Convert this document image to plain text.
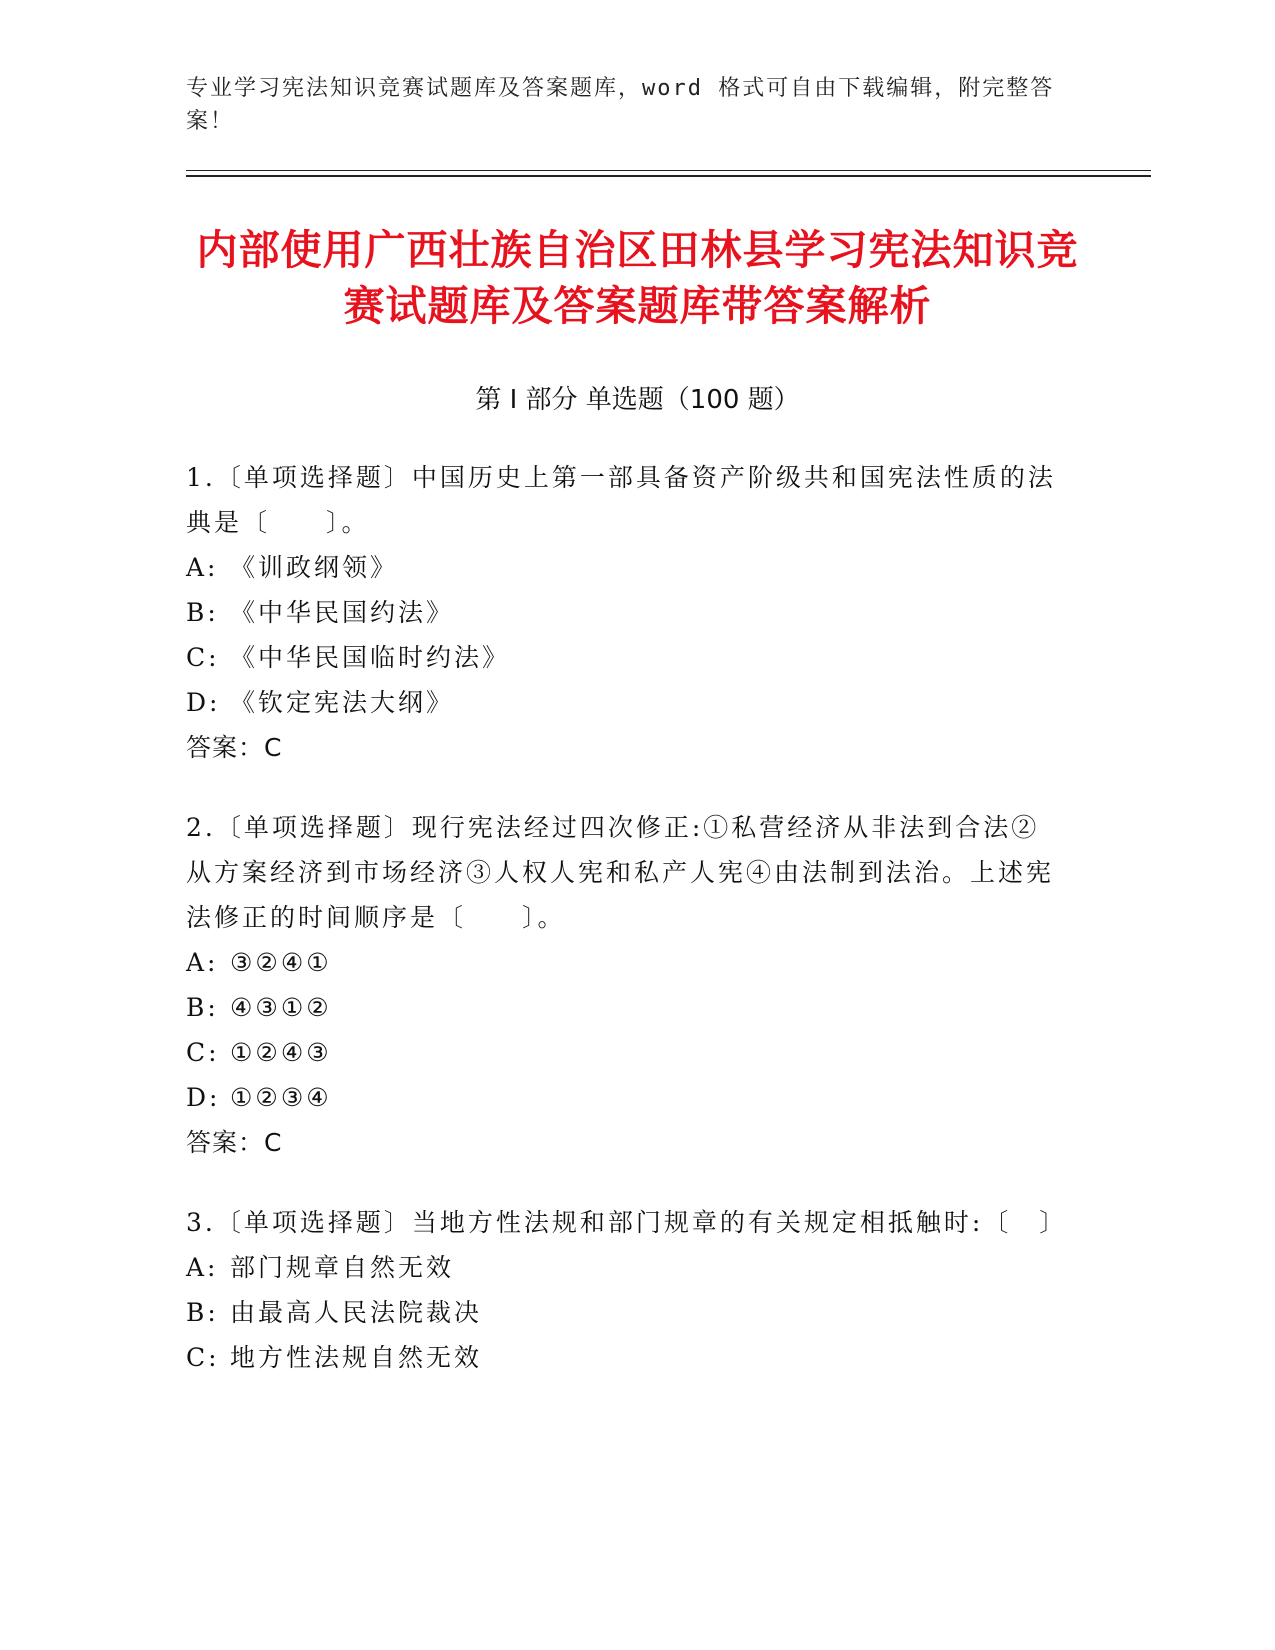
专业学习宪法知识竞赛试题库及答案题库，word 格式可自由下载编辑，附完整答案！
内部使用广西壮族自治区田林县学习宪法知识竞赛试题库及答案题库带答案解析
第 I 部分 单选题（100 题）

1.〔单项选择题〕中国历史上第一部具备资产阶级共和国宪法性质的法典是〔　　〕。

A: 《训政纲领》

B: 《中华民国约法》

C: 《中华民国临时约法》

D: 《钦定宪法大纲》

答案：C

2.〔单项选择题〕现行宪法经过四次修正:①私营经济从非法到合法②从方案经济到市场经济③人权人宪和私产人宪④由法制到法治。上述宪法修正的时间顺序是〔　　〕。

A: ③②④①

B: ④③①②

C: ①②④③

D: ①②③④

答案：C

3.〔单项选择题〕当地方性法规和部门规章的有关规定相抵触时:〔　〕

A: 部门规章自然无效

B: 由最高人民法院裁决

C: 地方性法规自然无效
